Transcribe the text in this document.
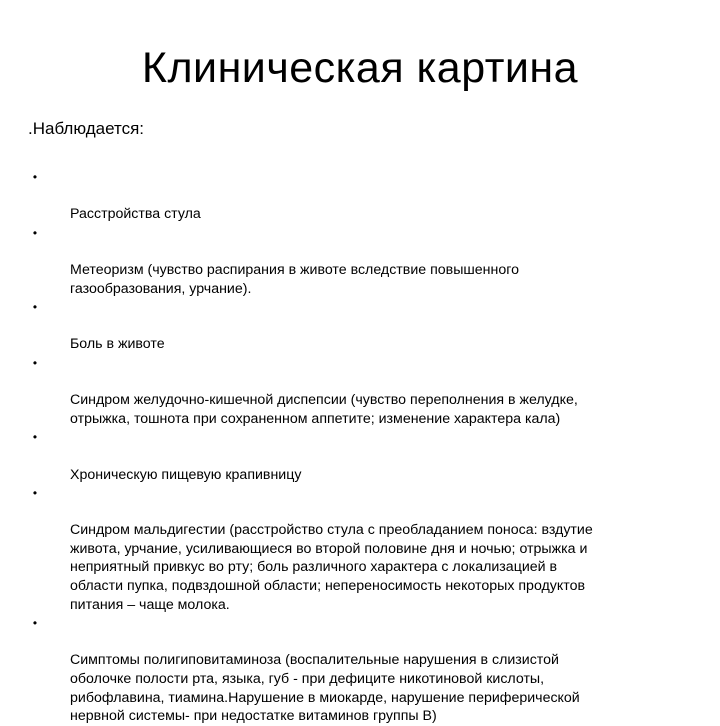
Клиническая картина
.Наблюдается:

•

Расстройства стула

•

Метеоризм (чувство распирания в животе вследствие повышенного
газообразования, урчание).

•

Боль в животе

•

Синдром желудочно-кишечной диспепсии (чувство переполнения в желудке,
отрыжка, тошнота при сохраненном аппетите; изменение характера кала)

•

Хроническую пищевую крапивницу

•

Синдром мальдигестии (расстройство стула с преобладанием поноса: вздутие
живота, урчание, усиливающиеся во второй половине дня и ночью; отрыжка и
неприятный привкус во рту; боль различного характера с локализацией в
области пупка, подвздошной области; непереносимость некоторых продуктов
питания – чаще молока.

•

Симптомы полигиповитаминоза (воспалительные нарушения в слизистой
оболочке полости рта, языка, губ - при дефиците никотиновой кислоты,
рибофлавина, тиамина.Нарушение в миокарде, нарушение периферической
нервной системы- при недостатке витаминов группы В)
